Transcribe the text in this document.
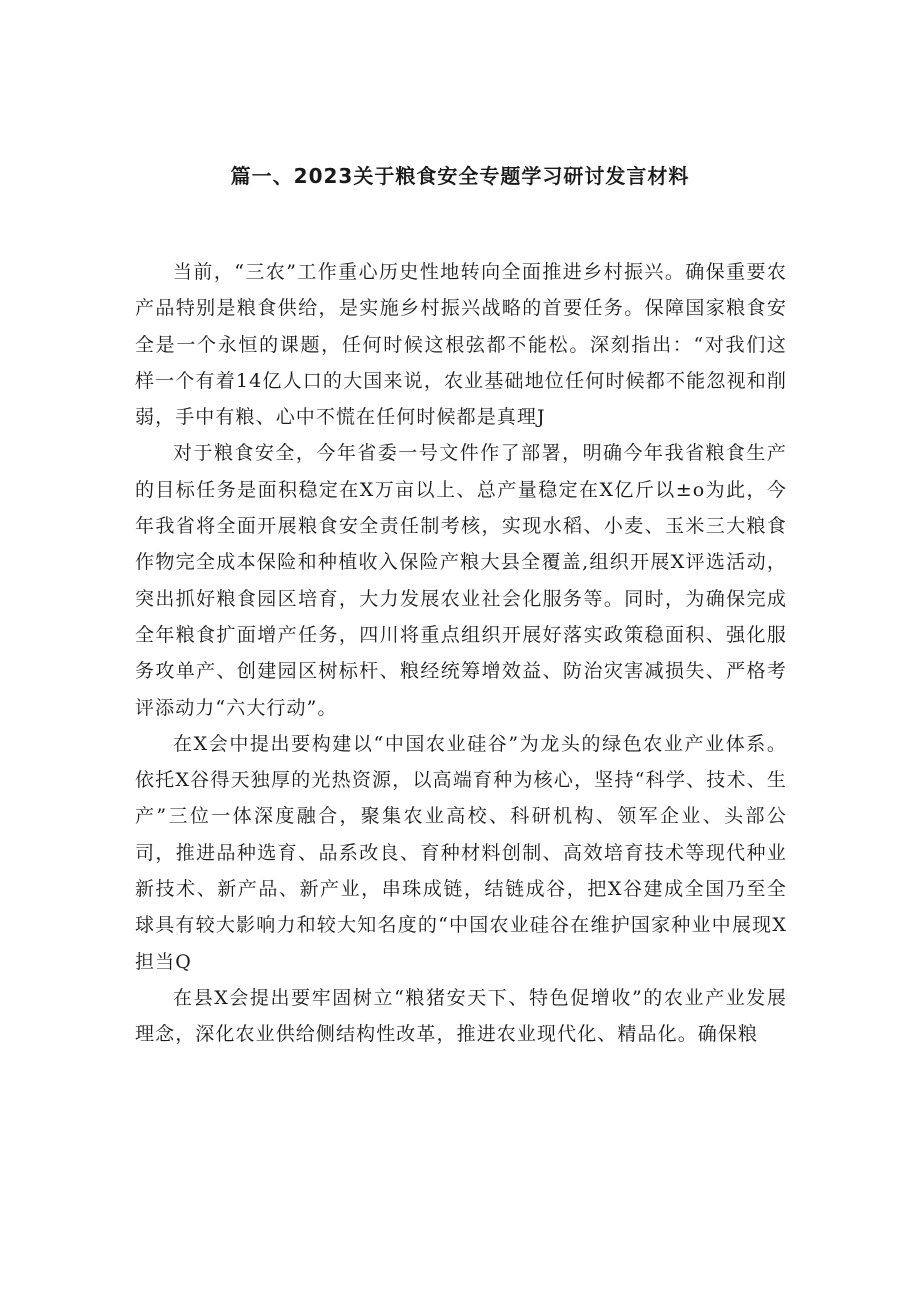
篇一、2023关于粮食安全专题学习研讨发言材料

当前，“三农”工作重心历史性地转向全面推进乡村振兴。确保重要农产品特别是粮食供给，是实施乡村振兴战略的首要任务。保障国家粮食安全是一个永恒的课题，任何时候这根弦都不能松。深刻指出：“对我们这样一个有着14亿人口的大国来说，农业基础地位任何时候都不能忽视和削弱，手中有粮、心中不慌在任何时候都是真理J

对于粮食安全，今年省委一号文件作了部署，明确今年我省粮食生产的目标任务是面积稳定在X万亩以上、总产量稳定在X亿斤以±o为此，今年我省将全面开展粮食安全责任制考核，实现水稻、小麦、玉米三大粮食作物完全成本保险和种植收入保险产粮大县全覆盖,组织开展X评选活动，突出抓好粮食园区培育，大力发展农业社会化服务等。同时，为确保完成全年粮食扩面增产任务，四川将重点组织开展好落实政策稳面积、强化服务攻单产、创建园区树标杆、粮经统筹增效益、防治灾害减损失、严格考评添动力“六大行动”。

在X会中提出要构建以“中国农业硅谷”为龙头的绿色农业产业体系。依托X谷得天独厚的光热资源，以高端育种为核心，坚持“科学、技术、生产”三位一体深度融合，聚集农业高校、科研机构、领军企业、头部公司，推进品种选育、品系改良、育种材料创制、高效培育技术等现代种业新技术、新产品、新产业，串珠成链，结链成谷，把X谷建成全国乃至全球具有较大影响力和较大知名度的“中国农业硅谷在维护国家种业中展现X担当Q

在县X会提出要牢固树立“粮猪安天下、特色促增收”的农业产业发展理念，深化农业供给侧结构性改革，推进农业现代化、精品化。确保粮
